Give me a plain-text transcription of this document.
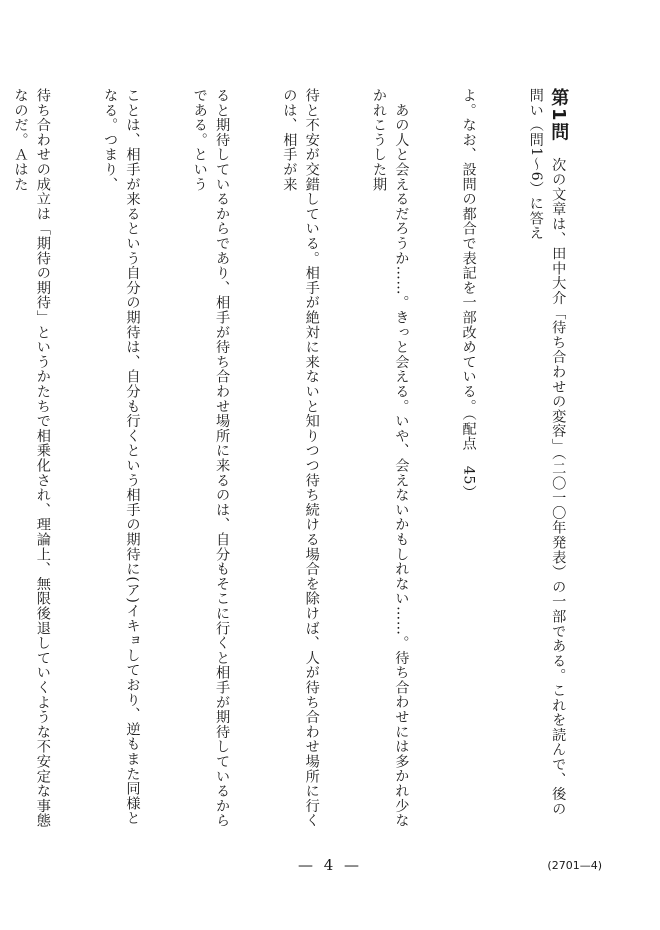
第1問　次の文章は、田中大介「待ち合わせの変容」（二〇一〇年発表）の一部である。これを読んで、後の問い（問1〜6）に答え

よ。なお、設問の都合で表記を一部改めている。（配点　45）

　あの人と会えるだろうか……。きっと会える。いや、会えないかもしれない……。待ち合わせには多かれ少なかれこうした期

待と不安が交錯している。相手が絶対に来ないと知りつつ待ち続ける場合を除けば、人が待ち合わせ場所に行くのは、相手が来

ると期待しているからであり、相手が待ち合わせ場所に来るのは、自分もそこに行くと相手が期待しているからである。という

ことは、相手が来るという自分の期待は、自分も行くという相手の期待に(ア)イキョしており、逆もまた同様となる。つまり、

待ち合わせの成立は「期待の期待」というかたちで相乗化され、理論上、無限後退していくような不安定な事態なのだ。Ａはた

— 4 —	(2701—4)
